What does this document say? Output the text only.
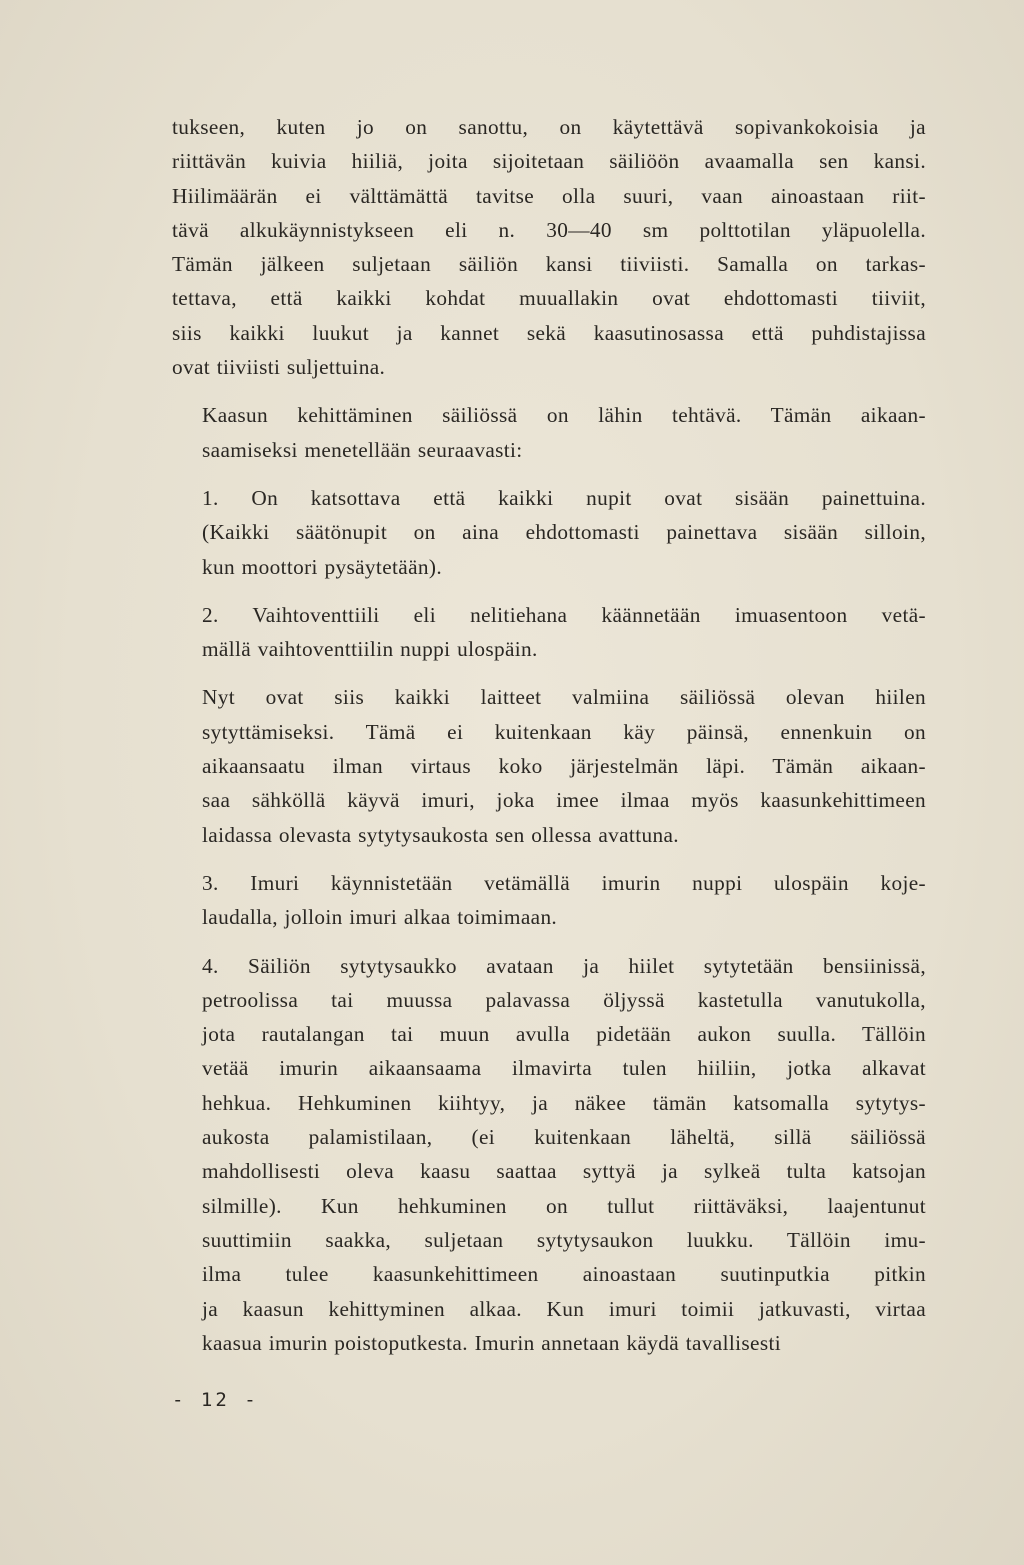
tukseen, kuten jo on sanottu, on käytettävä sopivankokoisia ja
riittävän kuivia hiiliä, joita sijoitetaan säiliöön avaamalla sen kansi.
Hiilimäärän ei välttämättä tavitse olla suuri, vaan ainoastaan riit-
tävä alkukäynnistykseen eli n. 30—40 sm polttotilan yläpuolella.
Tämän jälkeen suljetaan säiliön kansi tiiviisti. Samalla on tarkas-
tettava, että kaikki kohdat muuallakin ovat ehdottomasti tiiviit,
siis kaikki luukut ja kannet sekä kaasutinosassa että puhdistajissa
ovat tiiviisti suljettuina.

Kaasun kehittäminen säiliössä on lähin tehtävä. Tämän aikaan-
saamiseksi menetellään seuraavasti:

1. On katsottava että kaikki nupit ovat sisään painettuina.
(Kaikki säätönupit on aina ehdottomasti painettava sisään silloin,
kun moottori pysäytetään).

2. Vaihtoventtiili eli nelitiehana käännetään imuasentoon vetä-
mällä vaihtoventtiilin nuppi ulospäin.

Nyt ovat siis kaikki laitteet valmiina säiliössä olevan hiilen
sytyttämiseksi. Tämä ei kuitenkaan käy päinsä, ennenkuin on
aikaansaatu ilman virtaus koko järjestelmän läpi. Tämän aikaan-
saa sähköllä käyvä imuri, joka imee ilmaa myös kaasunkehittimeen
laidassa olevasta sytytysaukosta sen ollessa avattuna.

3. Imuri käynnistetään vetämällä imurin nuppi ulospäin koje-
laudalla, jolloin imuri alkaa toimimaan.

4. Säiliön sytytysaukko avataan ja hiilet sytytetään bensiinissä,
petroolissa tai muussa palavassa öljyssä kastetulla vanutukolla,
jota rautalangan tai muun avulla pidetään aukon suulla. Tällöin
vetää imurin aikaansaama ilmavirta tulen hiiliin, jotka alkavat
hehkua. Hehkuminen kiihtyy, ja näkee tämän katsomalla sytytys-
aukosta palamistilaan, (ei kuitenkaan läheltä, sillä säiliössä
mahdollisesti oleva kaasu saattaa syttyä ja sylkeä tulta katsojan
silmille). Kun hehkuminen on tullut riittäväksi, laajentunut
suuttimiin saakka, suljetaan sytytysaukon luukku. Tällöin imu-
ilma tulee kaasunkehittimeen ainoastaan suutinputkia pitkin
ja kaasun kehittyminen alkaa. Kun imuri toimii jatkuvasti, virtaa
kaasua imurin poistoputkesta. Imurin annetaan käydä tavallisesti

- 12 -
